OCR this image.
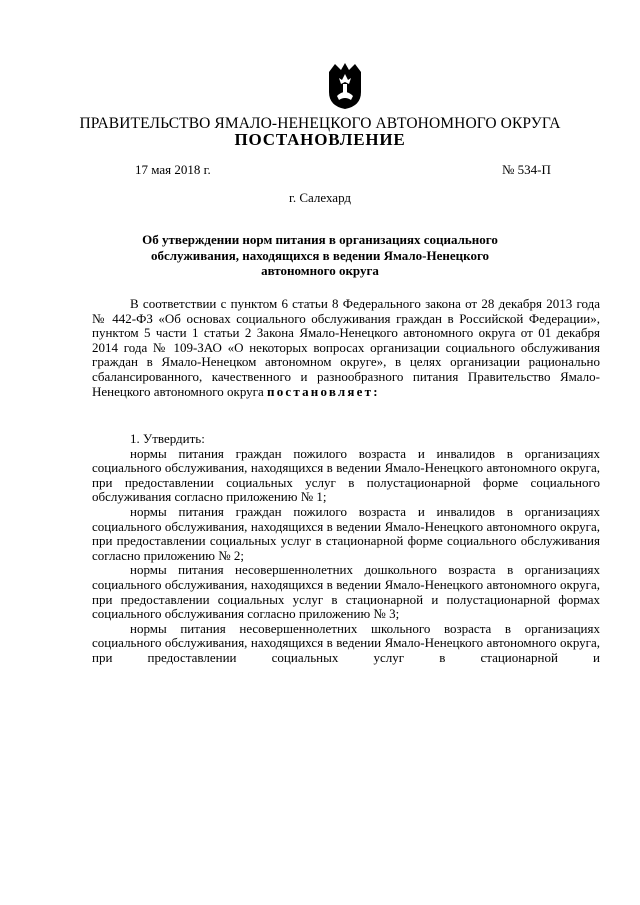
ПРАВИТЕЛЬСТВО ЯМАЛО-НЕНЕЦКОГО АВТОНОМНОГО ОКРУГА
ПОСТАНОВЛЕНИЕ
17 мая 2018 г.	№ 534-П
г. Салехард
Об утверждении норм питания в организациях социального обслуживания, находящихся в ведении Ямало-Ненецкого автономного округа

В соответствии с пунктом 6 статьи 8 Федерального закона от 28 декабря 2013 года № 442-ФЗ «Об основах социального обслуживания граждан в Российской Федерации», пунктом 5 части 1 статьи 2 Закона Ямало-Ненецкого автономного округа от 01 декабря 2014 года № 109-ЗАО «О некоторых вопросах организации социального обслуживания граждан в Ямало-Ненецком автономном округе», в целях организации рационально сбалансированного, качественного и разнообразного питания Правительство Ямало-Ненецкого автономного округа постановляет:

1. Утвердить:

нормы питания граждан пожилого возраста и инвалидов в организациях социального обслуживания, находящихся в ведении Ямало-Ненецкого автономного округа, при предоставлении социальных услуг в полустационарной форме социального обслуживания согласно приложению № 1;

нормы питания граждан пожилого возраста и инвалидов в организациях социального обслуживания, находящихся в ведении Ямало-Ненецкого автономного округа, при предоставлении социальных услуг в стационарной форме социального обслуживания согласно приложению № 2;

нормы питания несовершеннолетних дошкольного возраста в организациях социального обслуживания, находящихся в ведении Ямало-Ненецкого автономного округа, при предоставлении социальных услуг в стационарной и полустационарной формах социального обслуживания согласно приложению № 3;

нормы питания несовершеннолетних школьного возраста в организациях социального обслуживания, находящихся в ведении Ямало-Ненецкого автономного округа, при предоставлении социальных услуг в стационарной и
